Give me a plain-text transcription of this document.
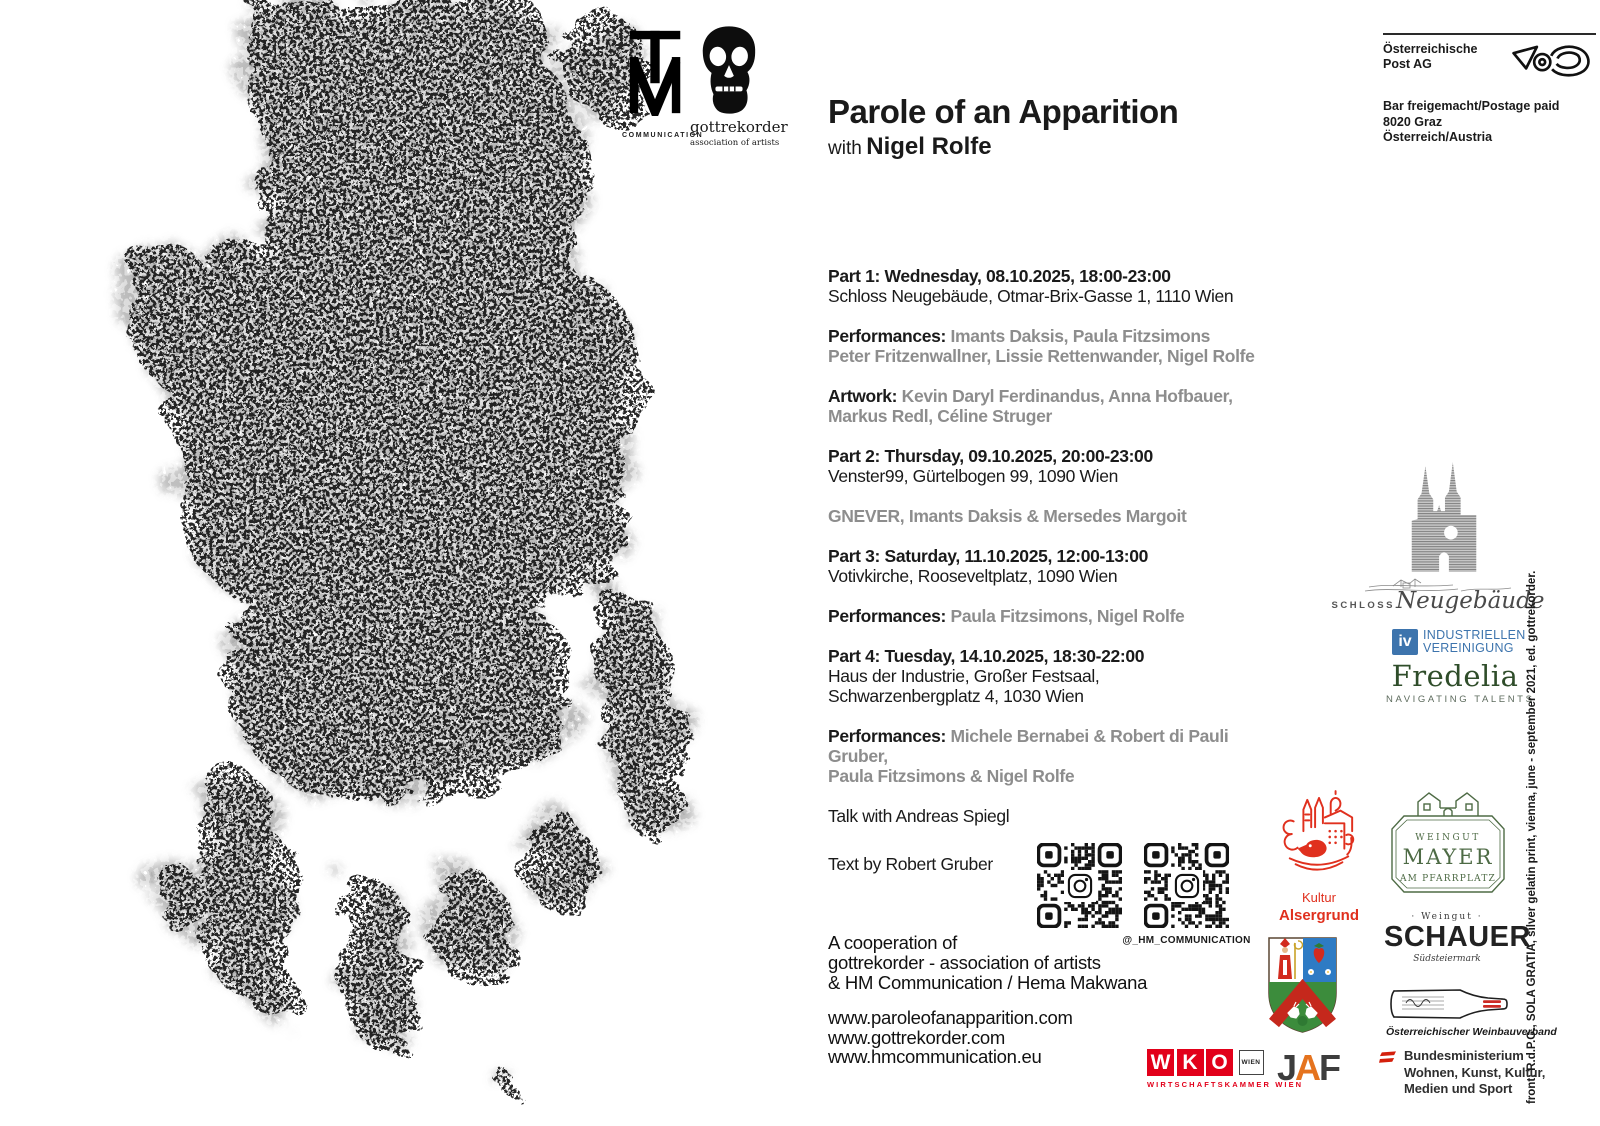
COMMUNICATION
gottrekorder
association of artists
Österreichische
Post AG
Bar freigemacht/Postage paid
8020 Graz
Österreich/Austria
Parole of an Apparition
with Nigel Rolfe
Part 1: Wednesday, 08.10.2025, 18:00-23:00
Schloss Neugebäude, Otmar-Brix-Gasse 1, 1110 Wien
Performances: Imants Daksis, Paula Fitzsimons
Peter Fritzenwallner, Lissie Rettenwander, Nigel Rolfe
Artwork: Kevin Daryl Ferdinandus, Anna Hofbauer,
Markus Redl, Céline Struger
Part 2: Thursday, 09.10.2025, 20:00-23:00
Venster99, Gürtelbogen 99, 1090 Wien
GNEVER, Imants Daksis & Mersedes Margoit
Part 3: Saturday, 11.10.2025, 12:00-13:00
Votivkirche, Rooseveltplatz, 1090 Wien
Performances: Paula Fitzsimons, Nigel Rolfe
Part 4: Tuesday, 14.10.2025, 18:30-22:00
Haus der Industrie, Großer Festsaal,
Schwarzenbergplatz 4, 1030 Wien
Performances: Michele Bernabei & Robert di Pauli Gruber,
Paula Fitzsimons & Nigel Rolfe
Talk with Andreas Spiegl
Text by Robert Gruber
@_HM_COMMUNICATION
A cooperation of
gottrekorder - association of artists
& HM Communication / Hema Makwana
www.paroleofanapparition.com
www.gottrekorder.com
www.hmcommunication.eu
SCHLOSS Neugebäude
iv INDUSTRIELLEN
VEREINIGUNG
Fredelia
NAVIGATING TALENTS
WEINGUT
MAYER
AM PFARRPLATZ
· Weingut ·
SCHAUER
Südsteiermark
Österreichischer Weinbauverband
Kultur
Alsergrund
W K O	WIEN
WIRTSCHAFTSKAMMER WIEN
JAF	Bundesministerium
Wohnen, Kunst, Kultur,
Medien und Sport	front: R.d.P.G., SOLA GRATIA, silver gelatin print, vienna, june - september 2021, ed. gottrekorder.
